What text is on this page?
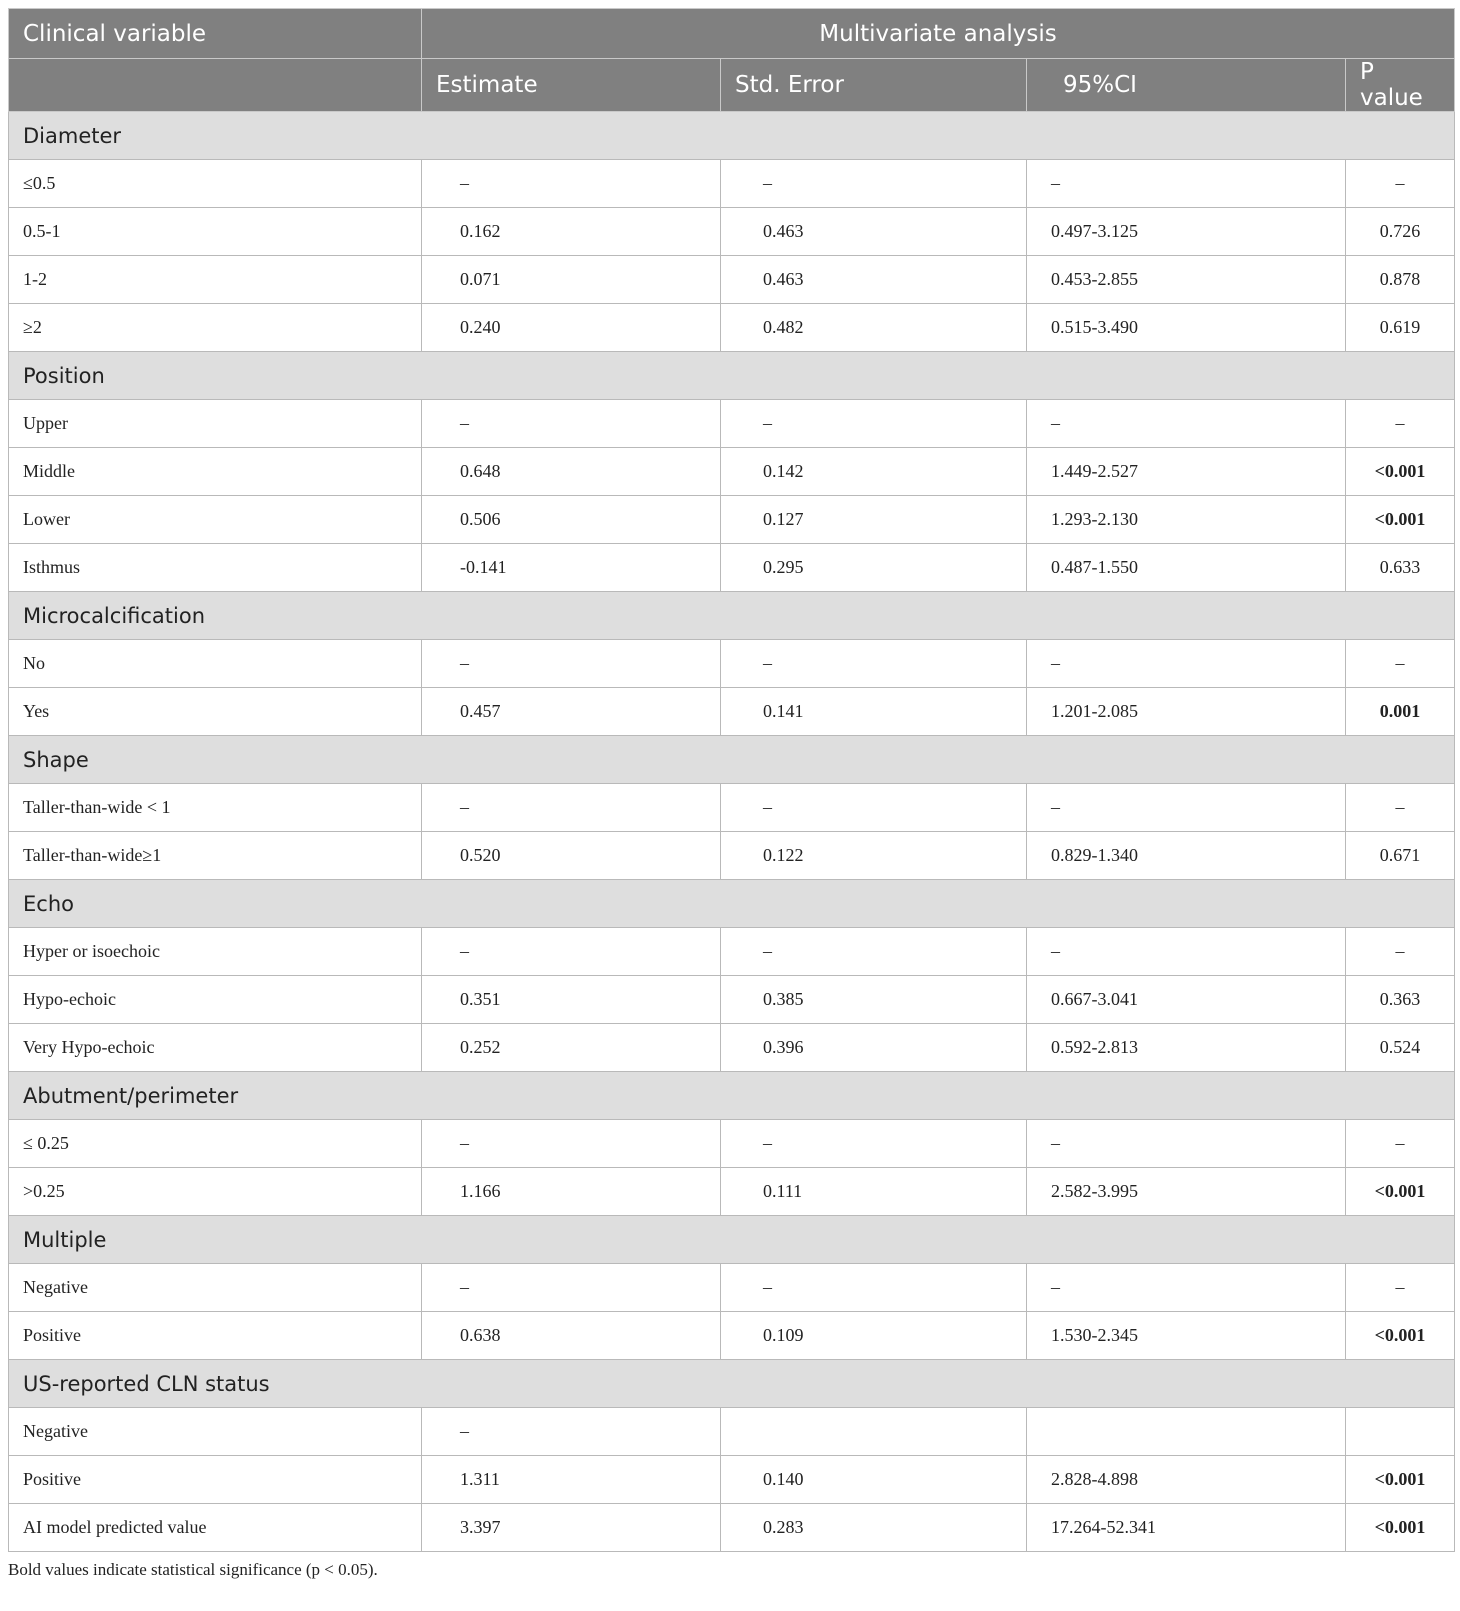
Clinical variable	Multivariate analysis			
	Estimate	Std. Error	95%CI	P value
Diameter				
≤0.5	–	–	–	–
0.5-1	0.162	0.463	0.497-3.125	0.726
1-2	0.071	0.463	0.453-2.855	0.878
≥2	0.240	0.482	0.515-3.490	0.619
Position				
Upper	–	–	–	–
Middle	0.648	0.142	1.449-2.527	<0.001
Lower	0.506	0.127	1.293-2.130	<0.001
Isthmus	-0.141	0.295	0.487-1.550	0.633
Microcalcification				
No	–	–	–	–
Yes	0.457	0.141	1.201-2.085	0.001
Shape				
Taller-than-wide < 1	–	–	–	–
Taller-than-wide≥1	0.520	0.122	0.829-1.340	0.671
Echo				
Hyper or isoechoic	–	–	–	–
Hypo-echoic	0.351	0.385	0.667-3.041	0.363
Very Hypo-echoic	0.252	0.396	0.592-2.813	0.524
Abutment/perimeter				
≤ 0.25	–	–	–	–
>0.25	1.166	0.111	2.582-3.995	<0.001
Multiple				
Negative	–	–	–	–
Positive	0.638	0.109	1.530-2.345	<0.001
US-reported CLN status				
Negative	–			
Positive	1.311	0.140	2.828-4.898	<0.001
AI model predicted value	3.397	0.283	17.264-52.341	<0.001
Bold values indicate statistical significance (p < 0.05).
